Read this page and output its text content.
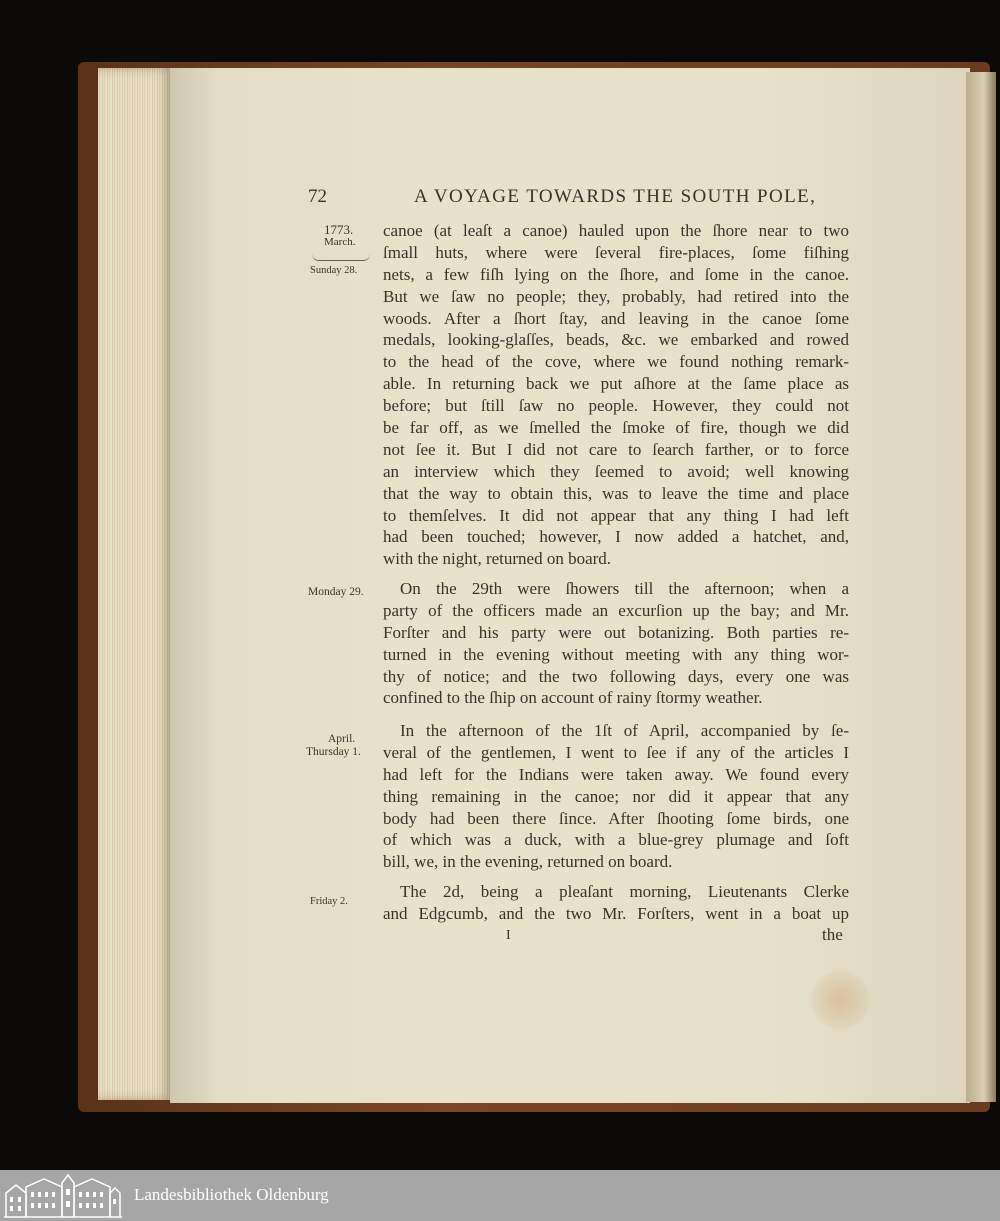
72	A VOYAGE TOWARDS THE SOUTH POLE,
1773.
March.
Sunday 28.
Monday 29.
April.
Thursday 1.
Friday 2.
canoe (at leaſt a canoe) hauled upon the ſhore near to two
ſmall huts, where were ſeveral fire-places, ſome fiſhing
nets, a few fiſh lying on the ſhore, and ſome in the canoe.
But we ſaw no people; they, probably, had retired into the
woods. After a ſhort ſtay, and leaving in the canoe ſome
medals, looking-glaſſes, beads, &c. we embarked and rowed
to the head of the cove, where we found nothing remark-
able. In returning back we put aſhore at the ſame place as
before; but ſtill ſaw no people. However, they could not
be far off, as we ſmelled the ſmoke of fire, though we did
not ſee it. But I did not care to ſearch farther, or to force
an interview which they ſeemed to avoid; well knowing
that the way to obtain this, was to leave the time and place
to themſelves. It did not appear that any thing I had left
had been touched; however, I now added a hatchet, and,
with the night, returned on board.
On the 29th were ſhowers till the afternoon; when a
party of the officers made an excurſion up the bay; and Mr.
Forſter and his party were out botanizing. Both parties re-
turned in the evening without meeting with any thing wor-
thy of notice; and the two following days, every one was
confined to the ſhip on account of rainy ſtormy weather.
In the afternoon of the 1ſt of April, accompanied by ſe-
veral of the gentlemen, I went to ſee if any of the articles I
had left for the Indians were taken away. We found every
thing remaining in the canoe; nor did it appear that any
body had been there ſince. After ſhooting ſome birds, one
of which was a duck, with a blue-grey plumage and ſoft
bill, we, in the evening, returned on board.
The 2d, being a pleaſant morning, Lieutenants Clerke
and Edgcumb, and the two Mr. Forſters, went in a boat up
I	the
Landesbibliothek Oldenburg
